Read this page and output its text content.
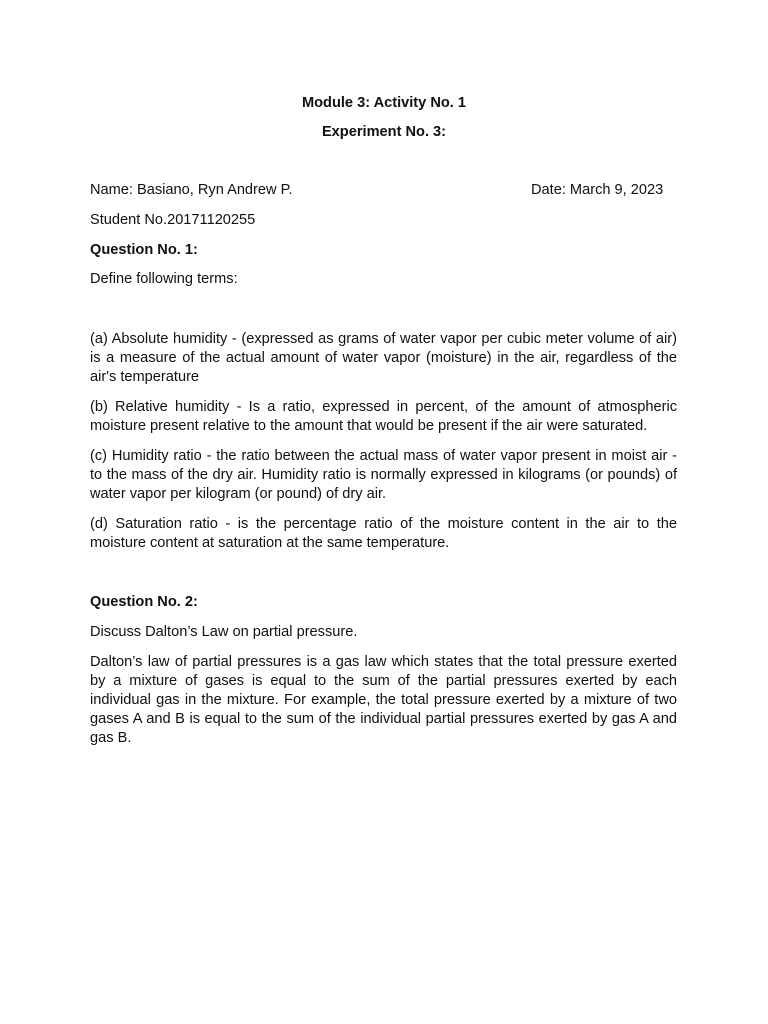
Module 3: Activity No. 1
Experiment No. 3:
Name: Basiano, Ryn Andrew P.	Date: March 9, 2023
Student No.20171120255
Question No. 1:
Define following terms:
(a) Absolute humidity - (expressed as grams of water vapor per cubic meter volume of air) is a measure of the actual amount of water vapor (moisture) in the air, regardless of the air's temperature
(b) Relative humidity - Is a ratio, expressed in percent, of the amount of atmospheric moisture present relative to the amount that would be present if the air were saturated.
(c) Humidity ratio - the ratio between the actual mass of water vapor present in moist air - to the mass of the dry air. Humidity ratio is normally expressed in kilograms (or pounds) of water vapor per kilogram (or pound) of dry air.
(d) Saturation ratio - is the percentage ratio of the moisture content in the air to the moisture content at saturation at the same temperature.
Question No. 2:
Discuss Dalton’s Law on partial pressure.
Dalton’s law of partial pressures is a gas law which states that the total pressure exerted by a mixture of gases is equal to the sum of the partial pressures exerted by each individual gas in the mixture. For example, the total pressure exerted by a mixture of two gases A and B is equal to the sum of the individual partial pressures exerted by gas A and gas B.
